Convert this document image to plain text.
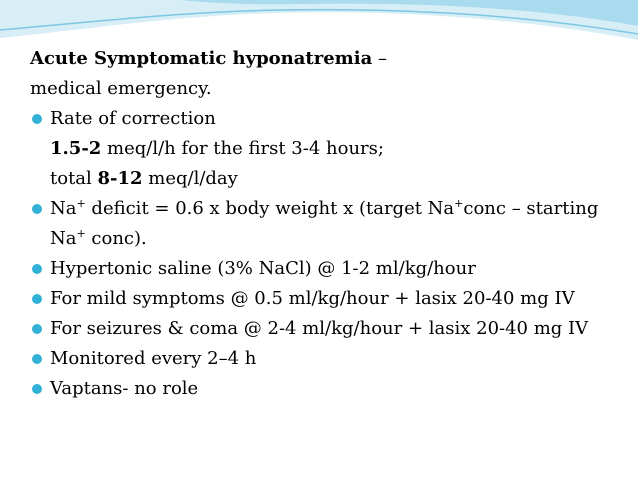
Acute Symptomatic hyponatremia –
medical emergency.
Rate of correction
1.5-2 meq/l/h for the first 3-4 hours;
total 8-12 meq/l/day
Na+ deficit = 0.6 x body weight x (target Na+conc – starting Na+ conc).
Hypertonic saline (3% NaCl) @ 1-2 ml/kg/hour
For mild symptoms @ 0.5 ml/kg/hour + lasix 20-40 mg IV
For seizures & coma @ 2-4 ml/kg/hour + lasix 20-40 mg IV
Monitored every 2–4 h
Vaptans- no role
